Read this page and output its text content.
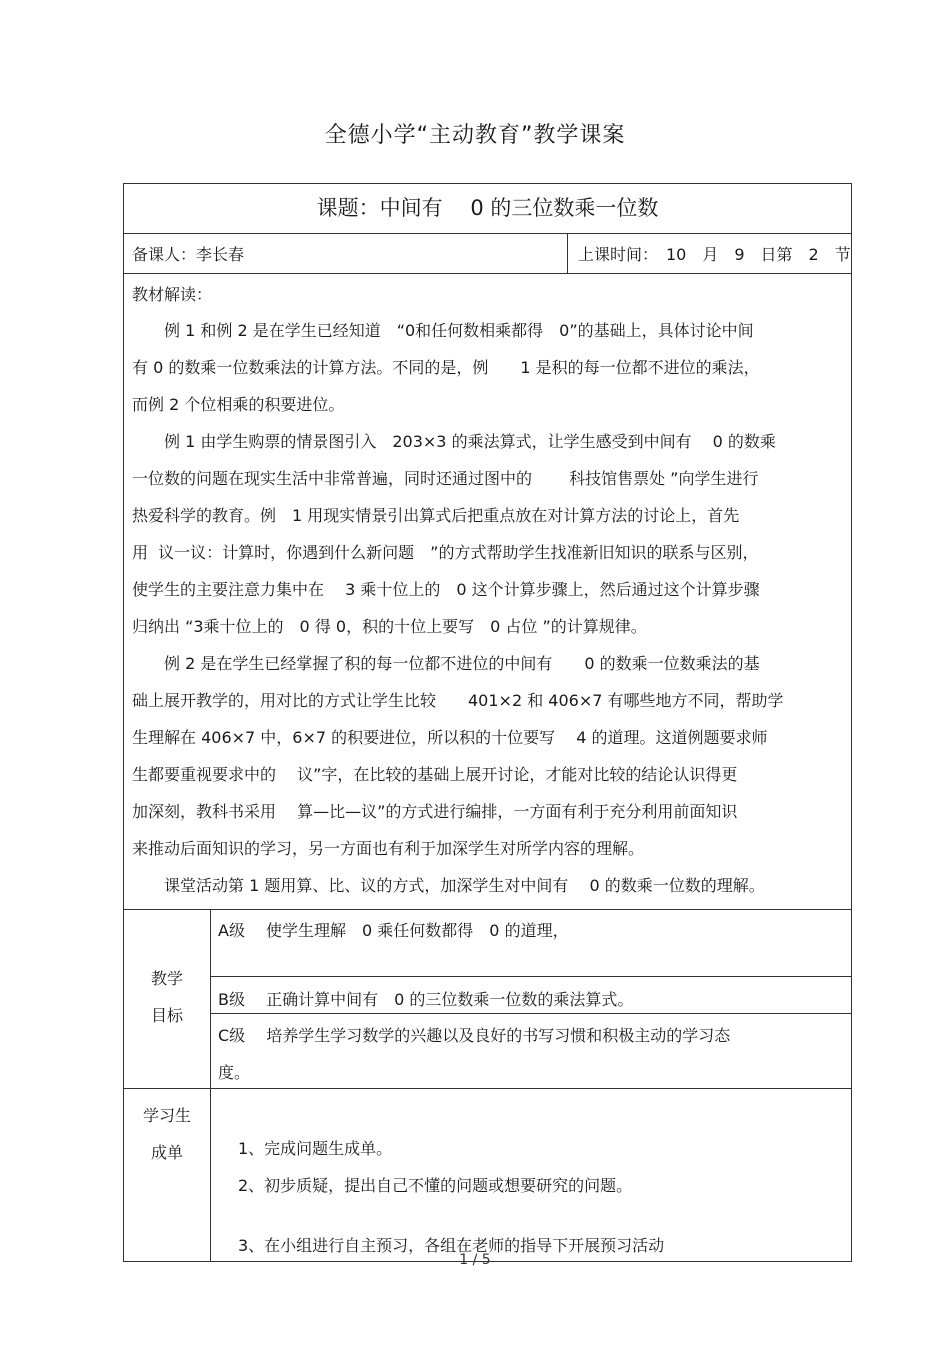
全德小学“主动教育”教学课案
课题：中间有　 0 的三位数乘一位数
备课人：李长春	上课时间：　10　月　9　日第　2　节
教材解读：

　　例 1 和例 2 是在学生已经知道　“0和任何数相乘都得　0”的基础上，具体讨论中间

有 0 的数乘一位数乘法的计算方法。不同的是，例　　1 是积的每一位都不进位的乘法，

而例 2 个位相乘的积要进位。

　　例 1 由学生购票的情景图引入　203×3 的乘法算式，让学生感受到中间有　 0 的数乘

一位数的问题在现实生活中非常普遍，同时还通过图中的　　 科技馆售票处 ”向学生进行

热爱科学的教育。例　1 用现实情景引出算式后把重点放在对计算方法的讨论上，首先

用  议一议：计算时，你遇到什么新问题　”的方式帮助学生找准新旧知识的联系与区别，

使学生的主要注意力集中在　 3 乘十位上的　0 这个计算步骤上，然后通过这个计算步骤

归纳出 “3乘十位上的　0 得 0，积的十位上要写　0 占位 ”的计算规律。

　　例 2 是在学生已经掌握了积的每一位都不进位的中间有　　0 的数乘一位数乘法的基

础上展开教学的，用对比的方式让学生比较　　401×2 和 406×7 有哪些地方不同，帮助学

生理解在 406×7 中，6×7 的积要进位，所以积的十位要写　 4 的道理。这道例题要求师

生都要重视要求中的　 议”字，在比较的基础上展开讨论，才能对比较的结论认识得更

加深刻，教科书采用　 算—比—议”的方式进行编排，一方面有利于充分利用前面知识

来推动后面知识的学习，另一方面也有利于加深学生对所学内容的理解。

　　课堂活动第 1 题用算、比、议的方式，加深学生对中间有　 0 的数乘一位数的理解。

教学
目标
A级　 使学生理解　0 乘任何数都得　0 的道理，
B级　 正确计算中间有　0 的三位数乘一位数的乘法算式。
C级　 培养学生学习数学的兴趣以及良好的书写习惯和积极主动的学习态
度。
学习生
成单	1、完成问题生成单。
2、初步质疑，提出自己不懂的问题或想要研究的问题。
3、在小组进行自主预习，各组在老师的指导下开展预习活动
1 / 5
